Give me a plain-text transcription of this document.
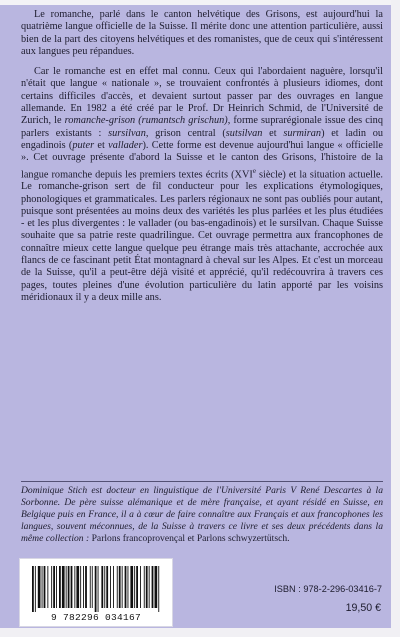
Le romanche, parlé dans le canton helvétique des Grisons, est aujourd'hui la quatrième langue officielle de la Suisse. Il mérite donc une attention particulière, aussi bien de la part des citoyens helvétiques et des romanistes, que de ceux qui s'intéressent aux langues peu répandues.

Car le romanche est en effet mal connu. Ceux qui l'abordaient naguère, lorsqu'il n'était que langue « nationale », se trouvaient confrontés à plusieurs idiomes, dont certains difficiles d'accès, et devaient surtout passer par des ouvrages en langue allemande. En 1982 a été créé par le Prof. Dr Heinrich Schmid, de l'Université de Zurich, le romanche-grison (rumantsch grischun), forme suprarégionale issue des cinq parlers existants : sursilvan, grison central (sutsilvan et surmiran) et ladin ou engadinois (puter et vallader). Cette forme est devenue aujourd'hui langue « officielle ». Cet ouvrage présente d'abord la Suisse et le canton des Grisons, l'histoire de la langue romanche depuis les premiers textes écrits (XVIe siècle) et la situation actuelle. Le romanche-grison sert de fil conducteur pour les explications étymologiques, phonologiques et grammaticales. Les parlers régionaux ne sont pas oubliés pour autant, puisque sont présentées au moins deux des variétés les plus parlées et les plus étudiées - et les plus divergentes : le vallader (ou bas-engadinois) et le sursilvan. Chaque Suisse souhaite que sa patrie reste quadrilingue. Cet ouvrage permettra aux francophones de connaître mieux cette langue quelque peu étrange mais très attachante, accrochée aux flancs de ce fascinant petit État montagnard à cheval sur les Alpes. Et c'est un morceau de la Suisse, qu'il a peut-être déjà visité et apprécié, qu'il redécouvrira à travers ces pages, toutes pleines d'une évolution particulière du latin apporté par les voisins méridionaux il y a deux mille ans.

Dominique Stich est docteur en linguistique de l'Université Paris V René Descartes à la Sorbonne. De père suisse alémanique et de mère française, et ayant résidé en Suisse, en Belgique puis en France, il a à cœur de faire connaître aux Français et aux francophones les langues, souvent méconnues, de la Suisse à travers ce livre et ses deux précédents dans la même collection : Parlons francoprovençal et Parlons schwyzertütsch.
9 782296 034167
ISBN : 978-2-296-03416-7
19,50 €
